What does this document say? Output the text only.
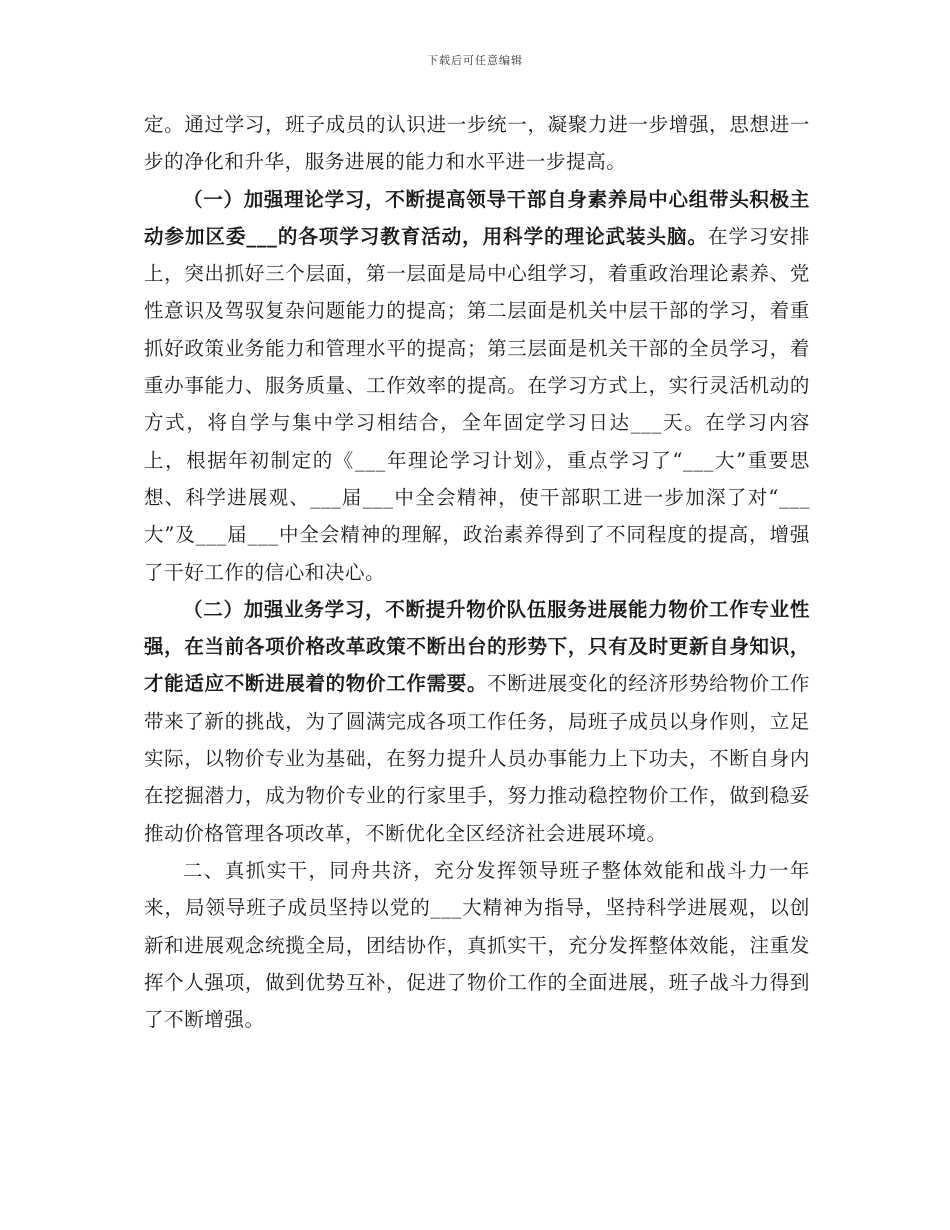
下载后可任意编辑

定。通过学习，班子成员的认识进一步统一，凝聚力进一步增强，思想进一步的净化和升华，服务进展的能力和水平进一步提高。

（一）加强理论学习，不断提高领导干部自身素养局中心组带头积极主动参加区委___的各项学习教育活动，用科学的理论武装头脑。在学习安排上，突出抓好三个层面，第一层面是局中心组学习，着重政治理论素养、党性意识及驾驭复杂问题能力的提高；第二层面是机关中层干部的学习，着重抓好政策业务能力和管理水平的提高；第三层面是机关干部的全员学习，着重办事能力、服务质量、工作效率的提高。在学习方式上，实行灵活机动的方式，将自学与集中学习相结合，全年固定学习日达___天。在学习内容上，根据年初制定的《___年理论学习计划》，重点学习了“___大”重要思想、科学进展观、___届___中全会精神，使干部职工进一步加深了对“___大”及___届___中全会精神的理解，政治素养得到了不同程度的提高，增强了干好工作的信心和决心。

（二）加强业务学习，不断提升物价队伍服务进展能力物价工作专业性强，在当前各项价格改革政策不断出台的形势下，只有及时更新自身知识，才能适应不断进展着的物价工作需要。不断进展变化的经济形势给物价工作带来了新的挑战，为了圆满完成各项工作任务，局班子成员以身作则，立足实际，以物价专业为基础，在努力提升人员办事能力上下功夫，不断自身内在挖掘潜力，成为物价专业的行家里手，努力推动稳控物价工作，做到稳妥推动价格管理各项改革，不断优化全区经济社会进展环境。

二、真抓实干，同舟共济，充分发挥领导班子整体效能和战斗力一年来，局领导班子成员坚持以党的___大精神为指导，坚持科学进展观，以创新和进展观念统揽全局，团结协作，真抓实干，充分发挥整体效能，注重发挥个人强项，做到优势互补，促进了物价工作的全面进展，班子战斗力得到了不断增强。
